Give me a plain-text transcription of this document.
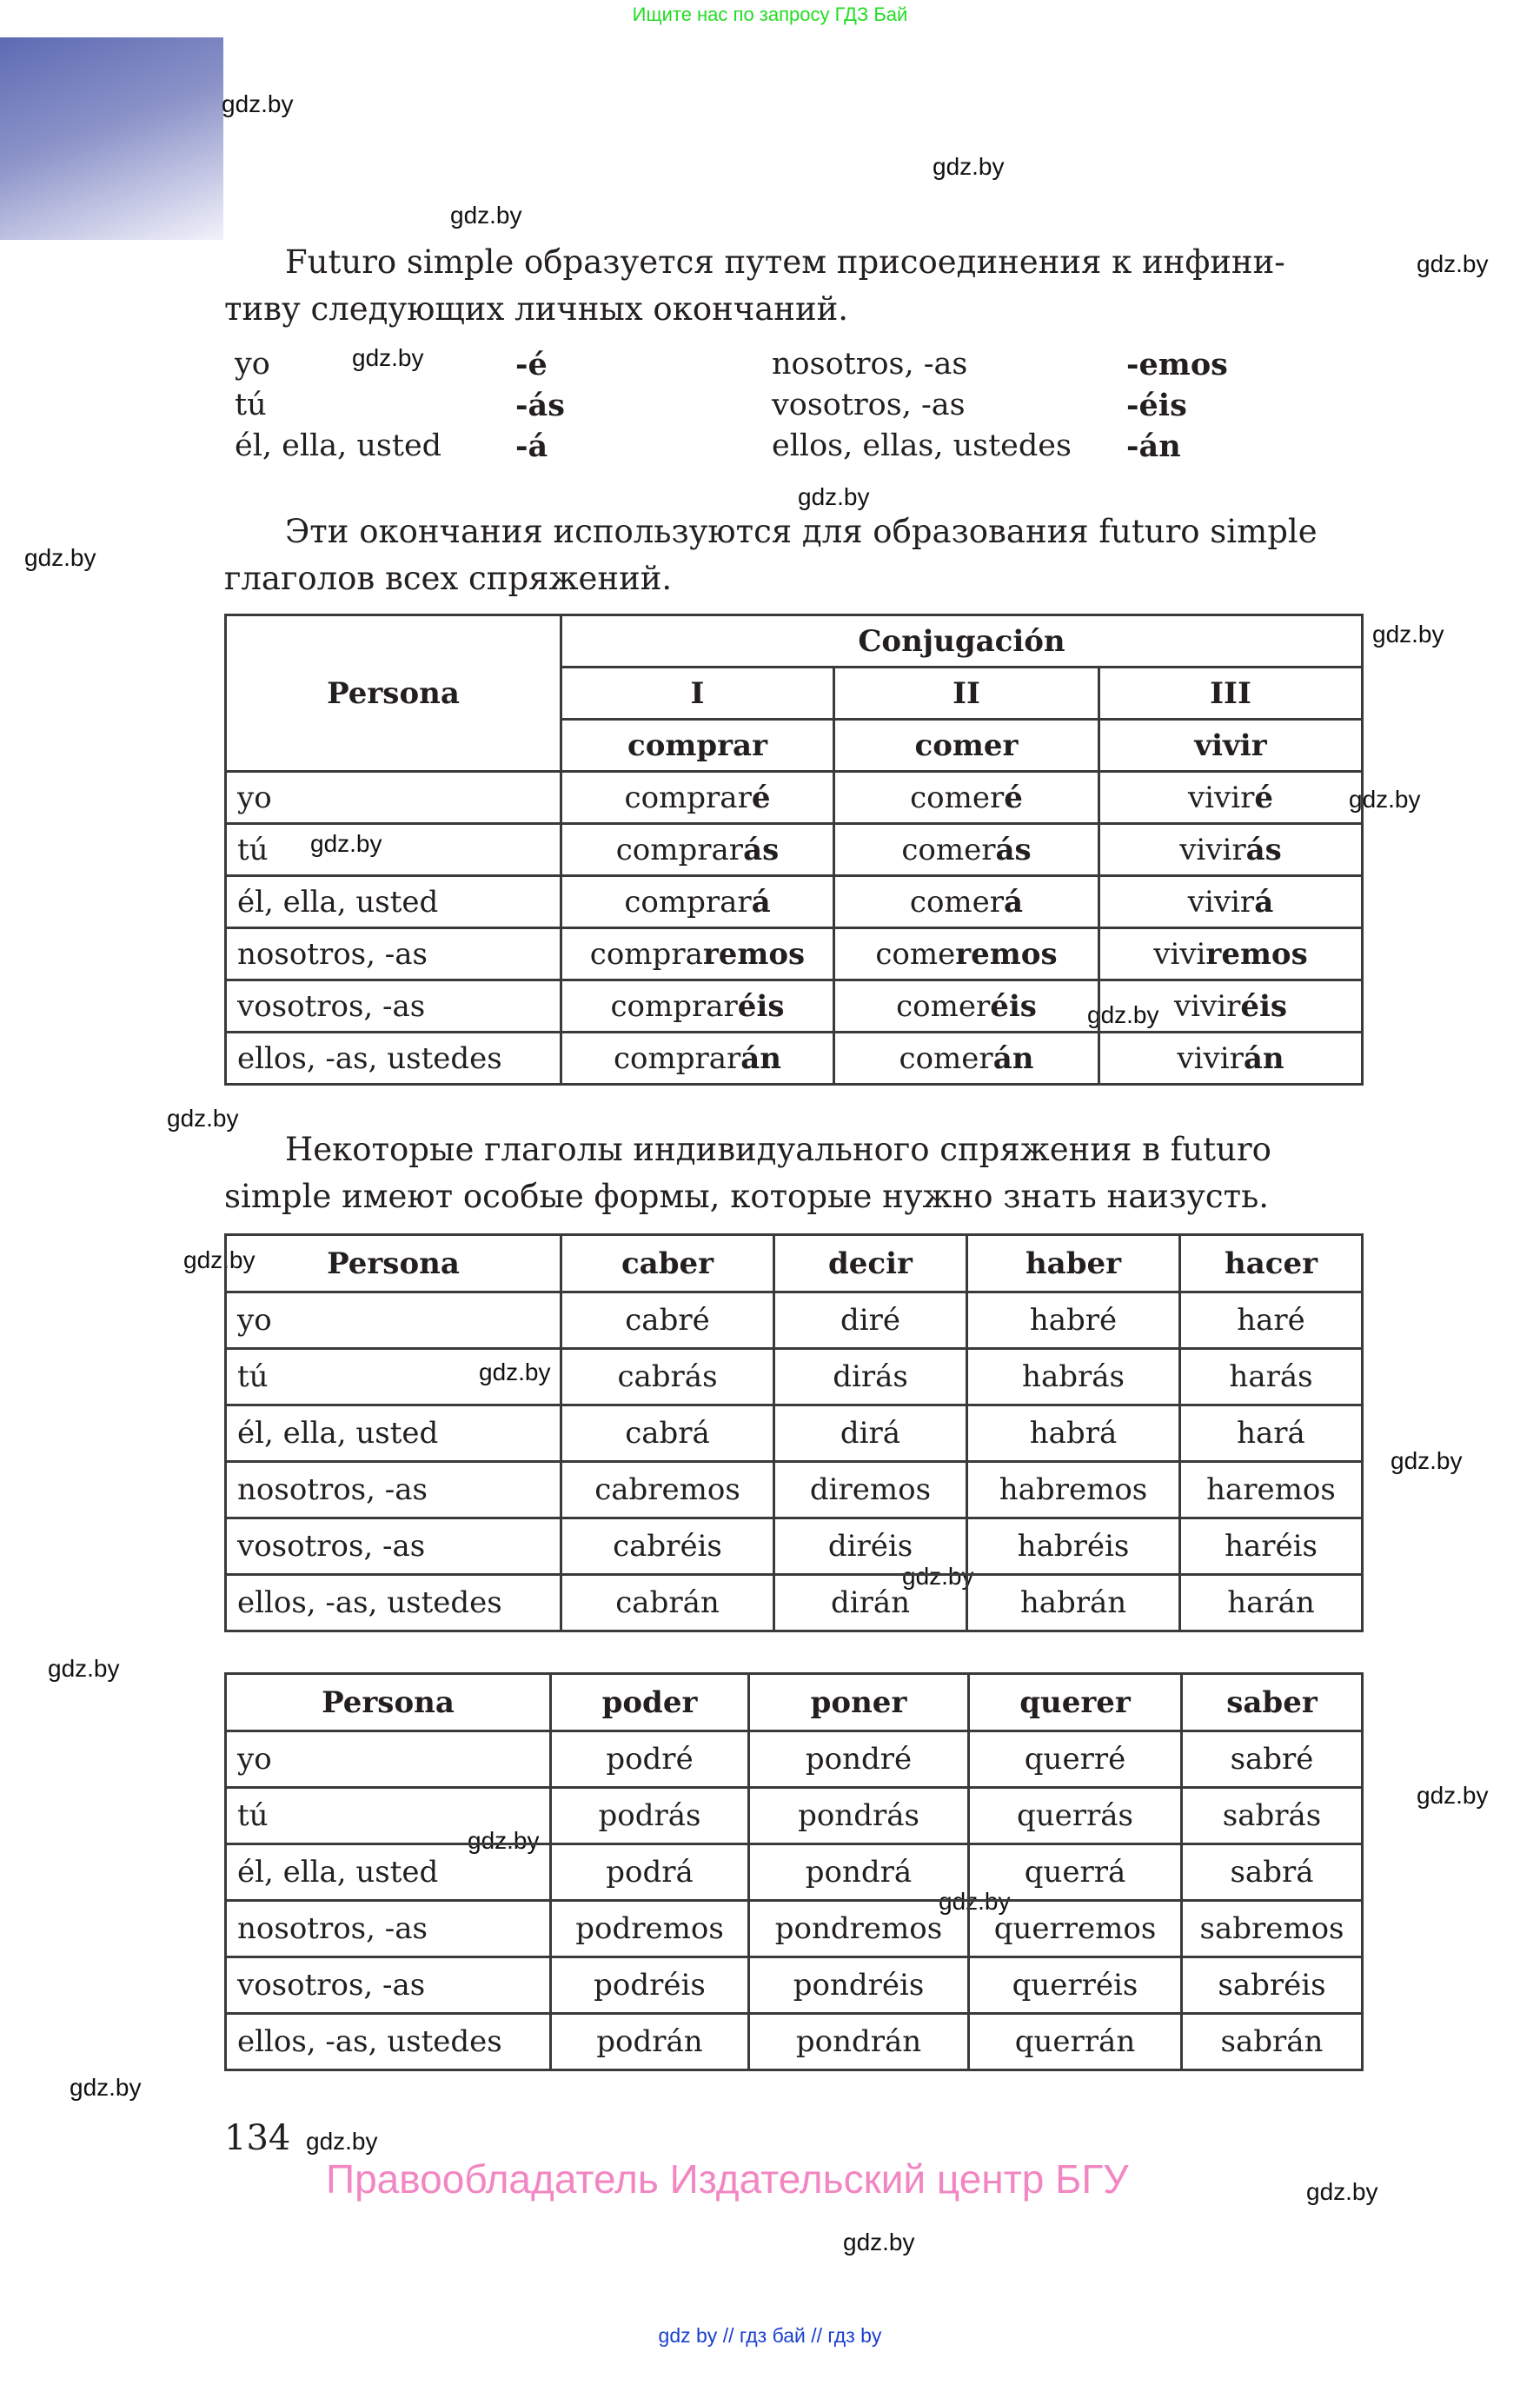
Ищите нас по запросу ГДЗ Бай
gdz.by
gdz.by
gdz.by
gdz.by
gdz.by
gdz.by
gdz.by
gdz.by
gdz.by
gdz.by
gdz.by
gdz.by
gdz.by
gdz.by
gdz.by
gdz.by
gdz.by
gdz.by
gdz.by
gdz.by
gdz.by
gdz.by
gdz.by
gdz.by
Futuro simple образуется путем присоединения к инфини-
тиву следующих личных окончаний.
yo	-é	nosotros, -as	-emos
tú	-ás	vosotros, -as	-éis
él, ella, usted -á	ellos, ellas, ustedes -án
Эти окончания используются для образования futuro simple
глаголов всех спряжений.
Persona	Conjugación		
	I	II	III
	comprar	comer	vivir
yo	compraré	comeré	viviré
tú	comprarás	comerás	vivirás
él, ella, usted	comprará	comerá	vivirá
nosotros, -as	compraremos	comeremos	viviremos
vosotros, -as	compraréis	comeréis	viviréis
ellos, -as, ustedes	comprarán	comerán	vivirán
Некоторые глаголы индивидуального спряжения в futuro
simple имеют особые формы, которые нужно знать наизусть.
Persona	caber	decir	haber	hacer
yo	cabré	diré	habré	haré
tú	cabrás	dirás	habrás	harás
él, ella, usted	cabrá	dirá	habrá	hará
nosotros, -as	cabremos	diremos	habremos	haremos
vosotros, -as	cabréis	diréis	habréis	haréis
ellos, -as, ustedes	cabrán	dirán	habrán	harán
Persona	poder	poner	querer	saber
yo	podré	pondré	querré	sabré
tú	podrás	pondrás	querrás	sabrás
él, ella, usted	podrá	pondrá	querrá	sabrá
nosotros, -as	podremos	pondremos	querremos	sabremos
vosotros, -as	podréis	pondréis	querréis	sabréis
ellos, -as, ustedes	podrán	pondrán	querrán	sabrán
134
Правообладатель Издательский центр БГУ
gdz by // гдз бай // гдз by
